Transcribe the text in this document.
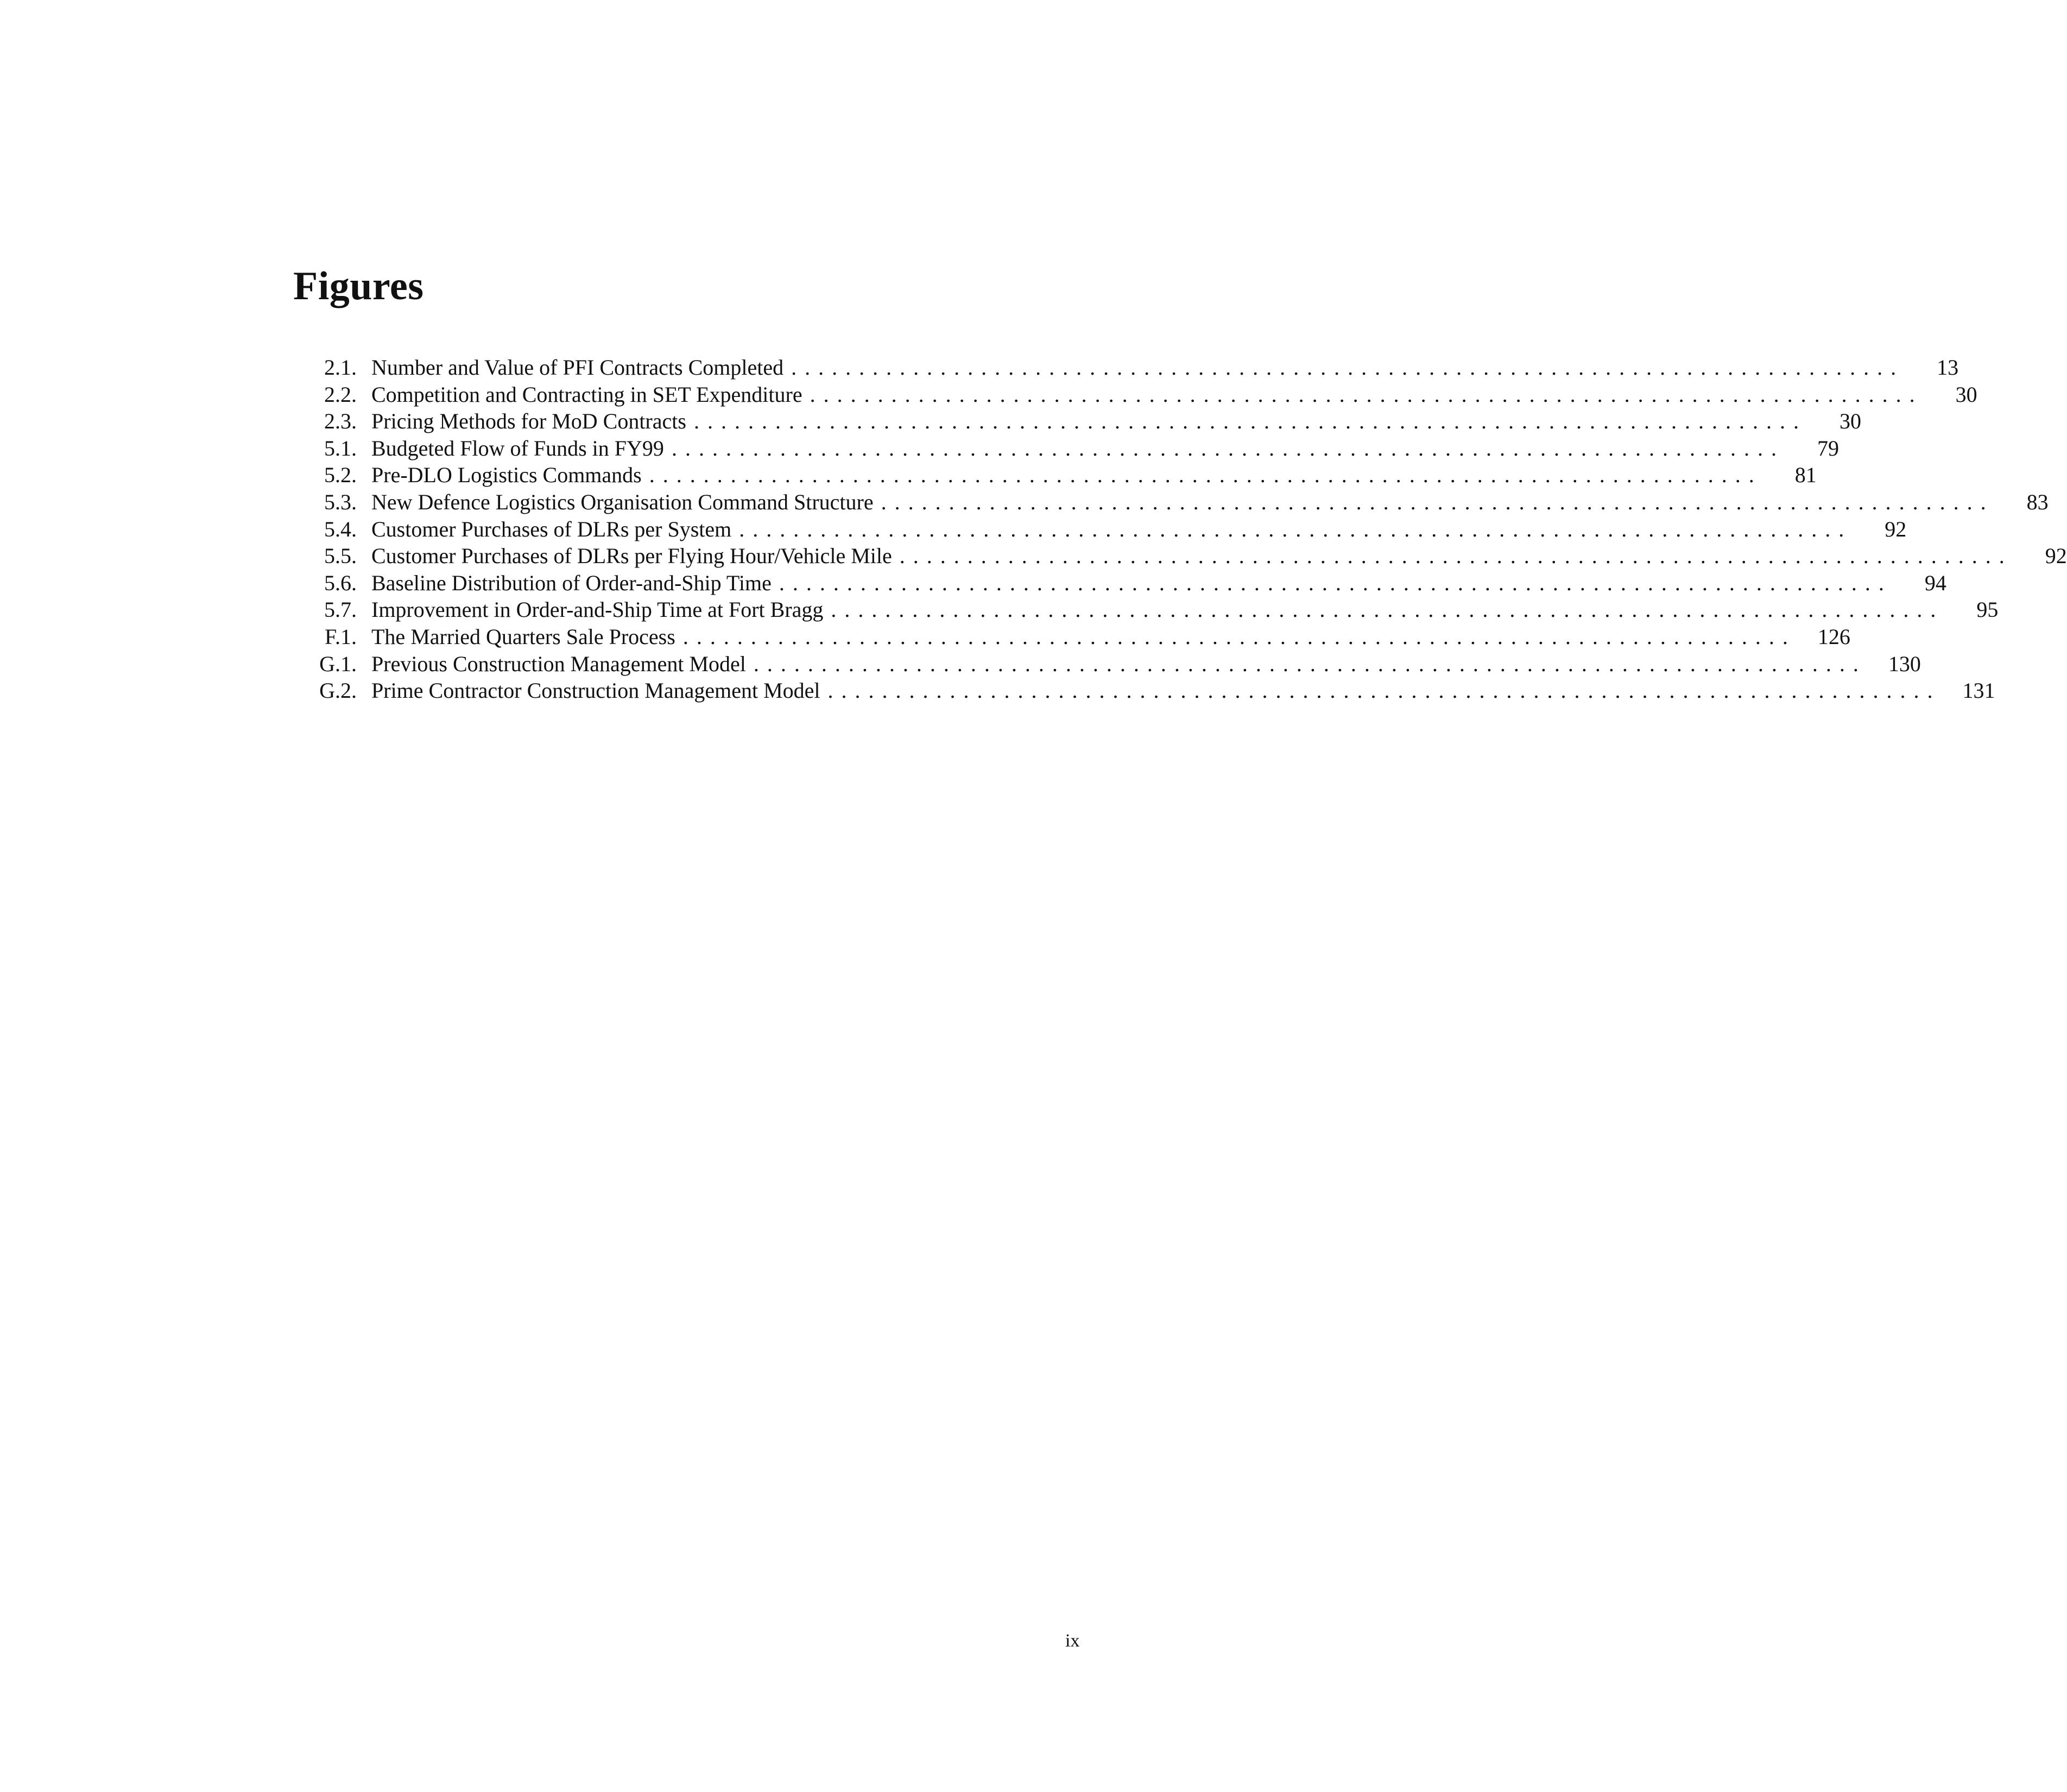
Figures
2.1. Number and Value of PFI Contracts Completed ..................................................................................	13
2.2. Competition and Contracting in SET Expenditure ..................................................................................	30
2.3. Pricing Methods for MoD Contracts ..................................................................................	30
5.1. Budgeted Flow of Funds in FY99 ..................................................................................	79
5.2. Pre-DLO Logistics Commands ..................................................................................	81
5.3. New Defence Logistics Organisation Command Structure ..................................................................................	83
5.4. Customer Purchases of DLRs per System ..................................................................................	92
5.5. Customer Purchases of DLRs per Flying Hour/Vehicle Mile ..................................................................................	92
5.6. Baseline Distribution of Order-and-Ship Time ..................................................................................	94
5.7. Improvement in Order-and-Ship Time at Fort Bragg ..................................................................................	95
F.1. The Married Quarters Sale Process ..................................................................................	126
G.1. Previous Construction Management Model ..................................................................................	130
G.2. Prime Contractor Construction Management Model ..................................................................................	131
ix
